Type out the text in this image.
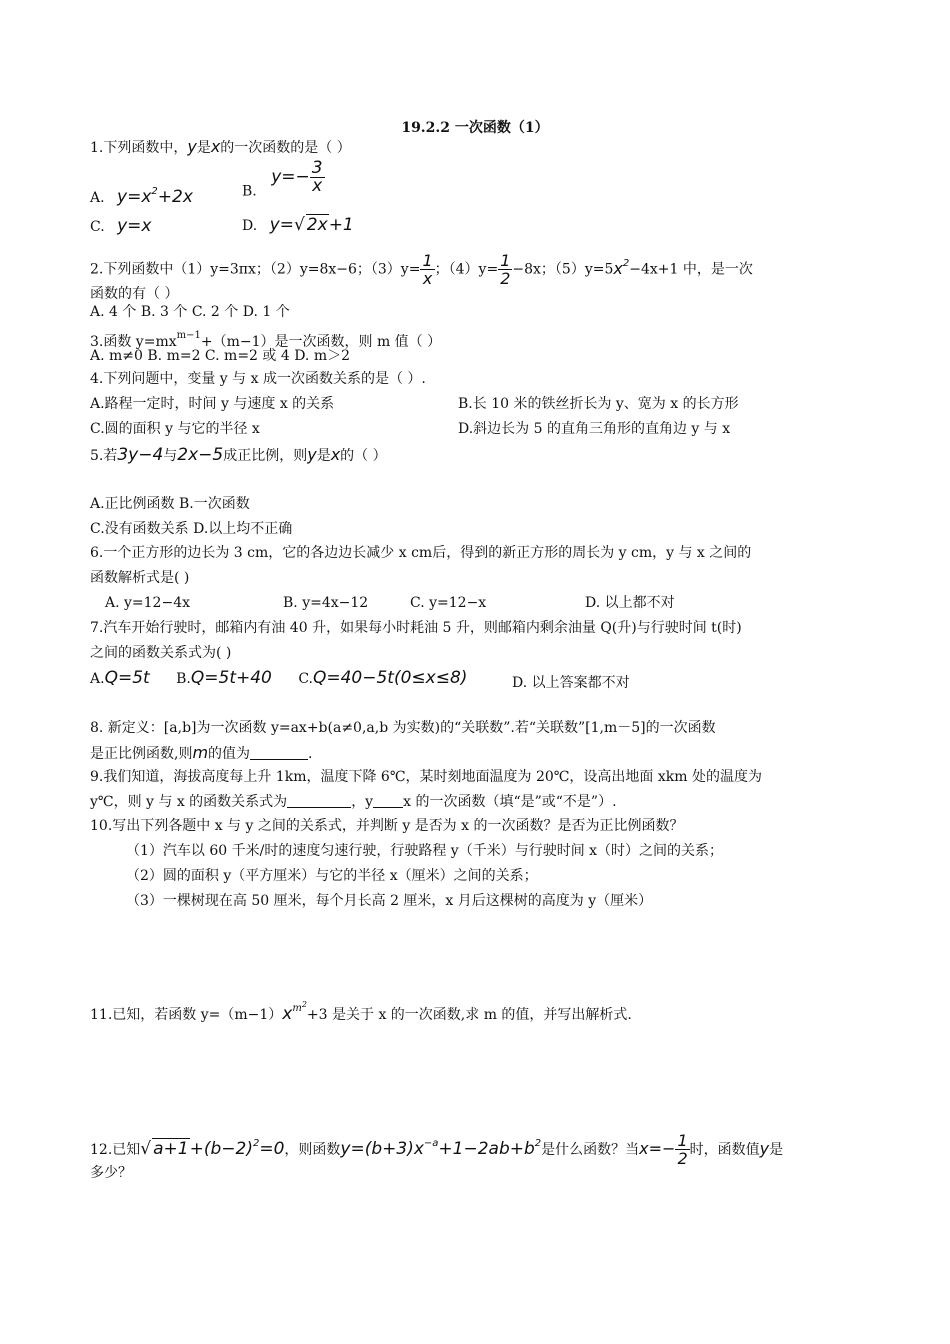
19.2.2 一次函数（1）
1.下列函数中，y是x的一次函数的是（ ）
A. $y=x^2+2x$	B. $y=- \frac{3}{x}$
C. y=x	D. y=√ 2x+1
2.下列函数中（1）y=3πx；（2）y=8x−6；$(3)y= \frac{1}{x}$ ；$(4)y= \frac{1}{2} -8x$；$(5)y=5x^2-4x+1$ 中，是一次
函数的有（ ）
A. 4 个 B. 3 个 C. 2 个 D. 1 个
3.函数 $y=mx^{m-1}+(m-1)$是一次函数，则 m 值（ ）
A. m≠0 B. m=2 C. m=2 或 4 D. m＞2
4.下列问题中，变量 y 与 x 成一次函数关系的是（ ）.
A.路程一定时，时间 y 与速度 x 的关系	B.长 10 米的铁丝折长为 y、宽为 x 的长方形
C.圆的面积 y 与它的半径 x	D.斜边长为 5 的直角三角形的直角边 y 与 x
5.若3y−4与2x−5成正比例，则y是x的（ ）
A.正比例函数 B.一次函数
C.没有函数关系 D.以上均不正确
6.一个正方形的边长为 3 cm，它的各边边长减少 x cm后，得到的新正方形的周长为 y cm，y 与 x 之间的
函数解析式是( )
A. y=12−4x	B. y=4x−12	C. y=12−x	D. 以上都不对
7.汽车开始行驶时，邮箱内有油 40 升，如果每小时耗油 5 升，则邮箱内剩余油量 Q(升)与行驶时间 t(时)
之间的函数关系式为( )
A.Q=5t B.Q=5t+40 C.Q=40−5t(0≤x≤8)	D. 以上答案都不对
8. 新定义：[a,b]为一次函数 y=ax+b(a≠0,a,b 为实数)的“关联数”.若“关联数”[1,m－5]的一次函数
是正比例函数,则m的值为	.
9.我们知道，海拔高度每上升 1km，温度下降 6℃，某时刻地面温度为 20℃，设高出地面 xkm 处的温度为
y℃，则 y 与 x 的函数关系式为	，y x 的一次函数（填“是”或“不是”）.
10.写出下列各题中 x 与 y 之间的关系式，并判断 y 是否为 x 的一次函数？是否为正比例函数？
（1）汽车以 60 千米/时的速度匀速行驶，行驶路程 y（千米）与行驶时间 x（时）之间的关系；
（2）圆的面积 y（平方厘米）与它的半径 x（厘米）之间的关系；
（3）一棵树现在高 50 厘米，每个月长高 2 厘米，x 月后这棵树的高度为 y（厘米）
11.已知，若函数 $y=(m-1)x^{m^2}+3$ 是关于 x 的一次函数,求 m 的值，并写出解析式.
12.已知√ $a+1+(b-2)^2=0$，则函数$y=(b+3)x^{-a}+1-2ab+b^2$是什么函数？当$x=- \frac{1}{2}$ 时，函数值y是
多少？
